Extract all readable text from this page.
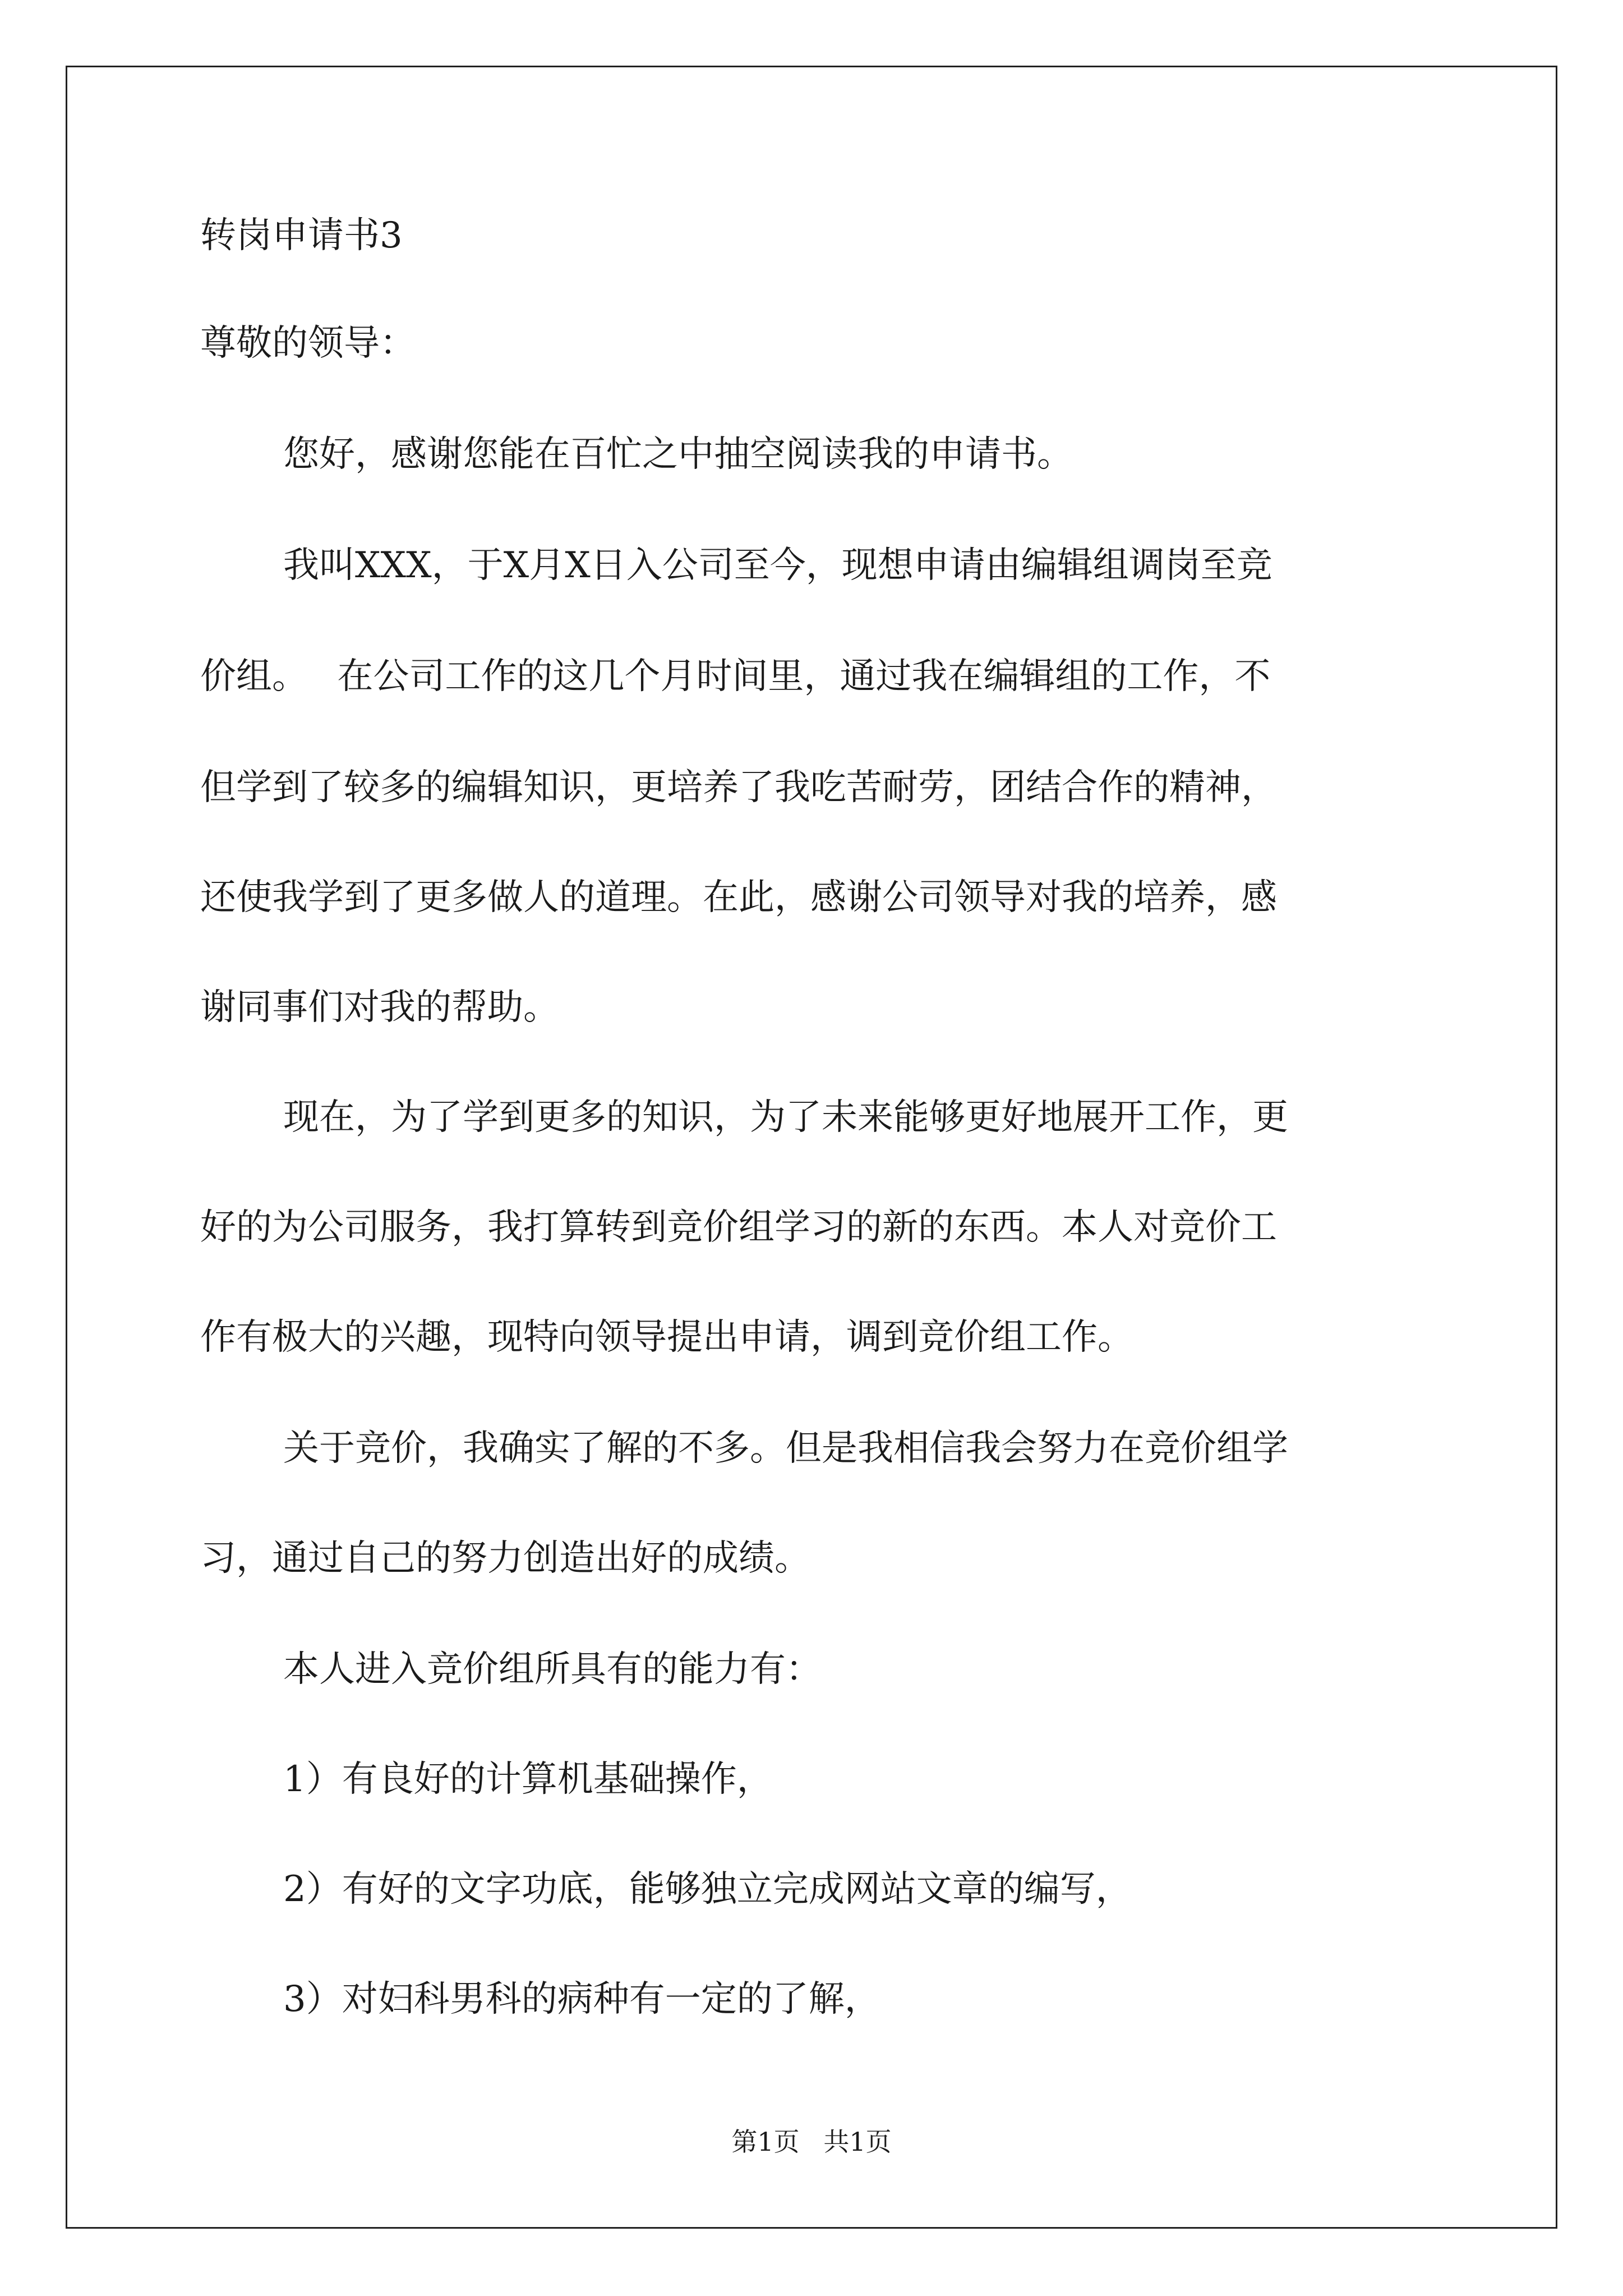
转岗申请书3
尊敬的领导：
您好，感谢您能在百忙之中抽空阅读我的申请书。
我叫XXX，于X月X日入公司至今，现想申请由编辑组调岗至竞
价组。　 在公司工作的这几个月时间里，通过我在编辑组的工作，不
但学到了较多的编辑知识，更培养了我吃苦耐劳，团结合作的精神，
还使我学到了更多做人的道理。在此，感谢公司领导对我的培养，感
谢同事们对我的帮助。
现在，为了学到更多的知识，为了未来能够更好地展开工作，更
好的为公司服务，我打算转到竞价组学习的新的东西。本人对竞价工
作有极大的兴趣，现特向领导提出申请，调到竞价组工作。
关于竞价，我确实了解的不多。但是我相信我会努力在竞价组学
习，通过自己的努力创造出好的成绩。
本人进入竞价组所具有的能力有：
1）有良好的计算机基础操作，
2）有好的文字功底，能够独立完成网站文章的编写，
3）对妇科男科的病种有一定的了解，
第1页 共1页
